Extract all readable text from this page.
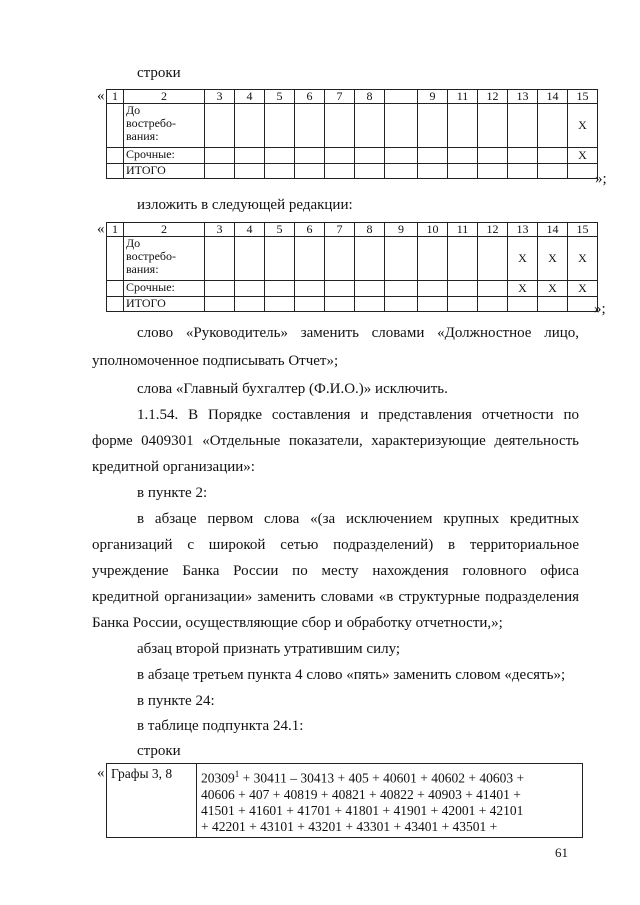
строки
« 1	2	3	4	5	6	7	8		9	11	12	13	14	15

	До
востребо-
вания:													X
	Срочные:													X
	ИТОГО													
»;
изложить в следующей редакции:
« 1	2	3	4	5	6	7	8	9	10	11	12	13	14	15

	До
востребо-
вания:											X	X	X
	Срочные:											X	X	X
	ИТОГО														»;
слово «Руководитель» заменить словами «Должностное лицо,
уполномоченное подписывать Отчет»;
слова «Главный бухгалтер (Ф.И.О.)» исключить.
1.1.54. В Порядке составления и представления отчетности по
форме 0409301 «Отдельные показатели, характеризующие деятельность
кредитной организации»:
в пункте 2:
в абзаце первом слова «(за исключением крупных кредитных
организаций с широкой сетью подразделений) в территориальное
учреждение Банка России по месту нахождения головного офиса
кредитной организации» заменить словами «в структурные подразделения
Банка России, осуществляющие сбор и обработку отчетности,»;
абзац второй признать утратившим силу;
в абзаце третьем пункта 4 слово «пять» заменить словом «десять»;
в пункте 24:
в таблице подпункта 24.1:
строки
« Графы 3, 8	$20309^1 + 30411 - 30413 + 405 + 40601 + 40602 + 40603$ +
40606 + 407 + 40819 + 40821 + 40822 + 40903 + 41401 +
41501 + 41601 + 41701 + 41801 + 41901 + 42001 + 42101
+ 42201 + 43101 + 43201 + 43301 + 43401 + 43501 +
61
